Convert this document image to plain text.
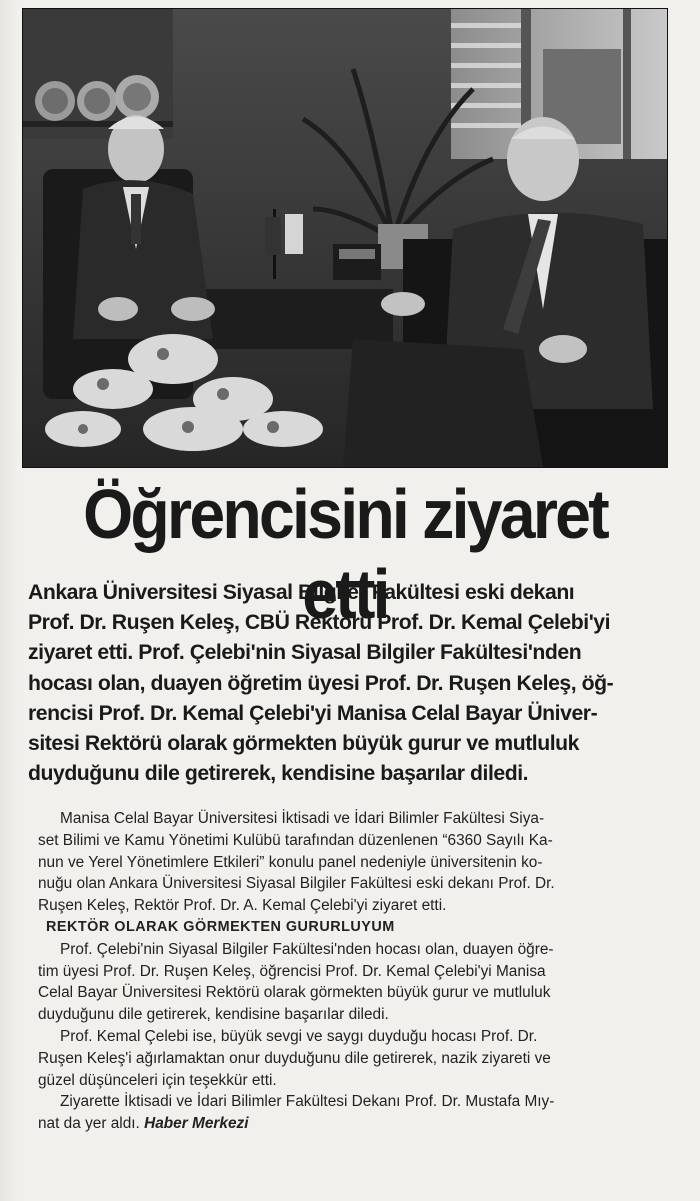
Öğrencisini ziyaret etti
Ankara Üniversitesi Siyasal Bilgiler Fakültesi eski dekanı
Prof. Dr. Ruşen Keleş, CBÜ Rektörü Prof. Dr. Kemal Çelebi'yi
ziyaret etti. Prof. Çelebi'nin Siyasal Bilgiler Fakültesi'nden
hocası olan, duayen öğretim üyesi Prof. Dr. Ruşen Keleş, öğ-
rencisi Prof. Dr. Kemal Çelebi'yi Manisa Celal Bayar Üniver-
sitesi Rektörü olarak görmekten büyük gurur ve mutluluk
duyduğunu dile getirerek, kendisine başarılar diledi.
Manisa Celal Bayar Üniversitesi İktisadi ve İdari Bilimler Fakültesi Siya-
set Bilimi ve Kamu Yönetimi Kulübü tarafından düzenlenen “6360 Sayılı Ka-
nun ve Yerel Yönetimlere Etkileri” konulu panel nedeniyle üniversitenin ko-
nuğu olan Ankara Üniversitesi Siyasal Bilgiler Fakültesi eski dekanı Prof. Dr.
Ruşen Keleş, Rektör Prof. Dr. A. Kemal Çelebi'yi ziyaret etti.
REKTÖR OLARAK GÖRMEKTEN GURURLUYUM
Prof. Çelebi'nin Siyasal Bilgiler Fakültesi'nden hocası olan, duayen öğre-
tim üyesi Prof. Dr. Ruşen Keleş, öğrencisi Prof. Dr. Kemal Çelebi'yi Manisa
Celal Bayar Üniversitesi Rektörü olarak görmekten büyük gurur ve mutluluk
duyduğunu dile getirerek, kendisine başarılar diledi.
Prof. Kemal Çelebi ise, büyük sevgi ve saygı duyduğu hocası Prof. Dr.
Ruşen Keleş'i ağırlamaktan onur duyduğunu dile getirerek, nazik ziyareti ve
güzel düşünceleri için teşekkür etti.
Ziyarette İktisadi ve İdari Bilimler Fakültesi Dekanı Prof. Dr. Mustafa Mıy-
nat da yer aldı. Haber Merkezi
